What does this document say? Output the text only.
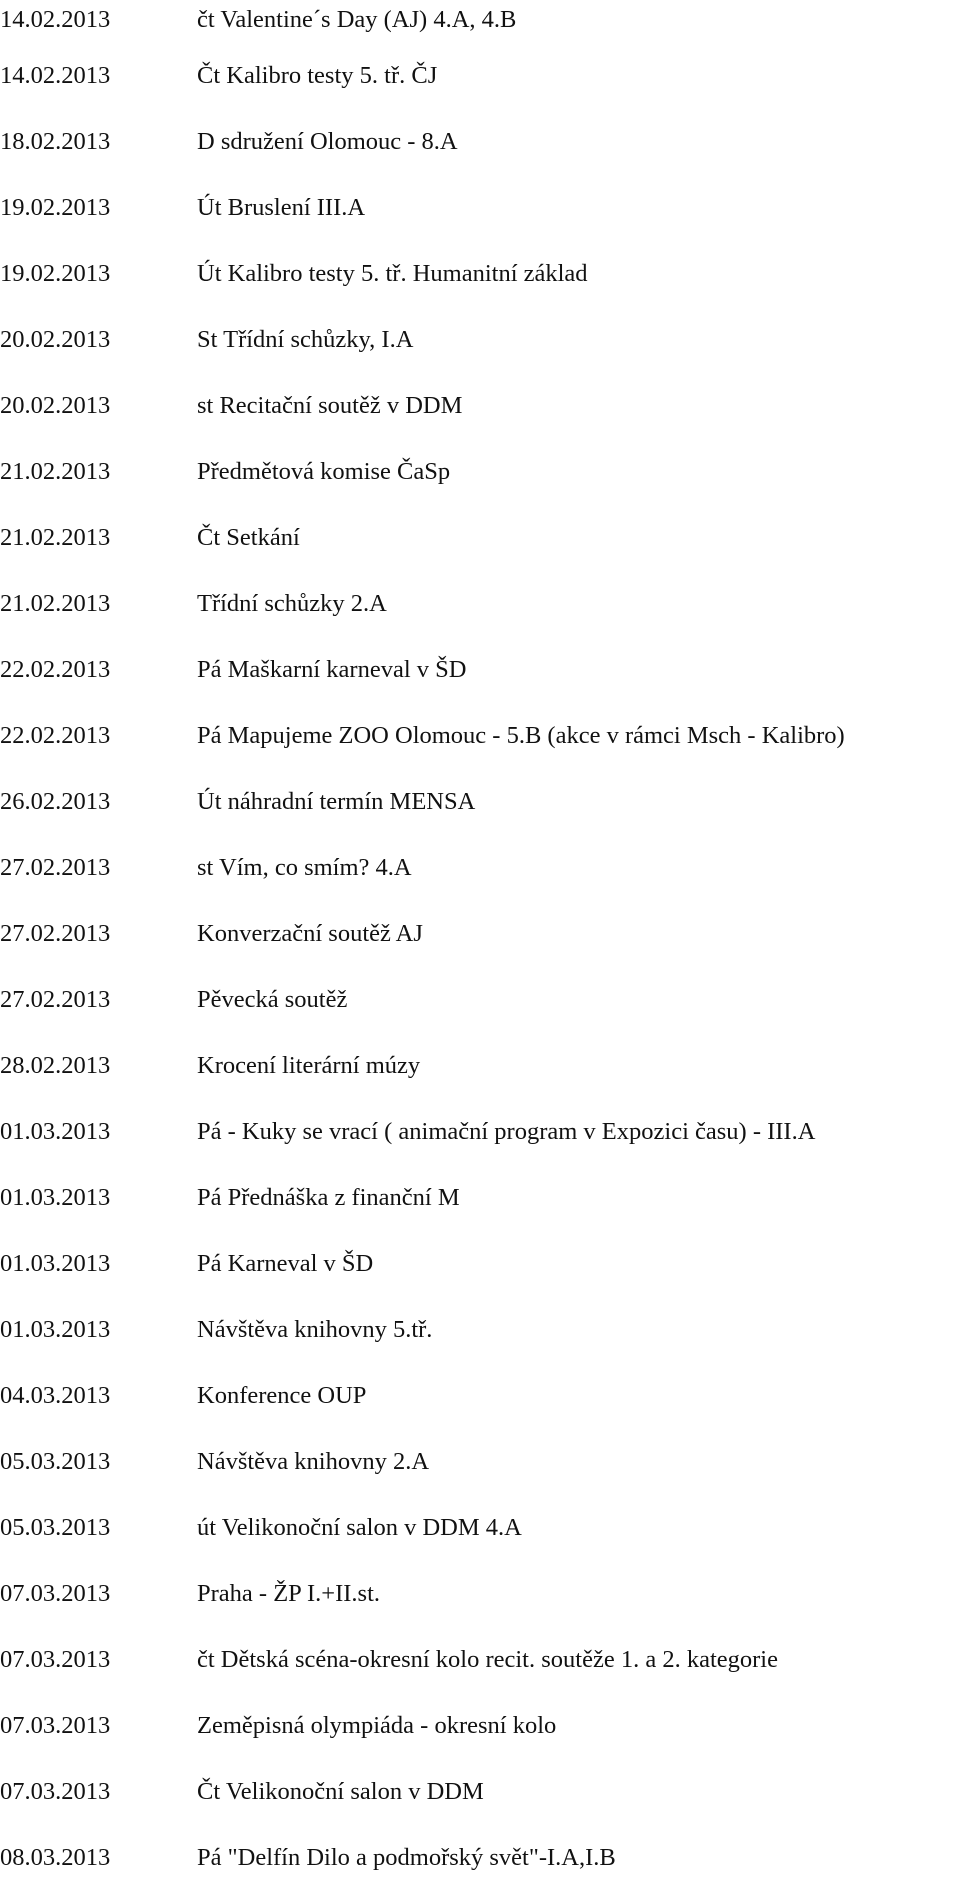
14.02.2013	čt Valentine´s Day (AJ) 4.A, 4.B
14.02.2013	Čt Kalibro testy 5. tř. ČJ
18.02.2013	D sdružení Olomouc - 8.A
19.02.2013	Út Bruslení III.A
19.02.2013	Út Kalibro testy 5. tř. Humanitní základ
20.02.2013	St Třídní schůzky, I.A
20.02.2013	st Recitační soutěž v DDM
21.02.2013	Předmětová komise ČaSp
21.02.2013	Čt Setkání
21.02.2013	Třídní schůzky 2.A
22.02.2013	Pá Maškarní karneval v ŠD
22.02.2013	Pá Mapujeme ZOO Olomouc - 5.B (akce v rámci Msch - Kalibro)
26.02.2013	Út náhradní termín MENSA
27.02.2013	st Vím, co smím? 4.A
27.02.2013	Konverzační soutěž AJ
27.02.2013	Pěvecká soutěž
28.02.2013	Krocení literární múzy
01.03.2013	Pá - Kuky se vrací ( animační program v Expozici času) - III.A
01.03.2013	Pá Přednáška z finanční M
01.03.2013	Pá Karneval v ŠD
01.03.2013	Návštěva knihovny 5.tř.
04.03.2013	Konference OUP
05.03.2013	Návštěva knihovny 2.A
05.03.2013	út Velikonoční salon v DDM 4.A
07.03.2013	Praha - ŽP I.+II.st.
07.03.2013	čt Dětská scéna-okresní kolo recit. soutěže 1. a 2. kategorie
07.03.2013	Zeměpisná olympiáda - okresní kolo
07.03.2013	Čt Velikonoční salon v DDM
08.03.2013	Pá "Delfín Dilo a podmořský svět"-I.A,I.B
